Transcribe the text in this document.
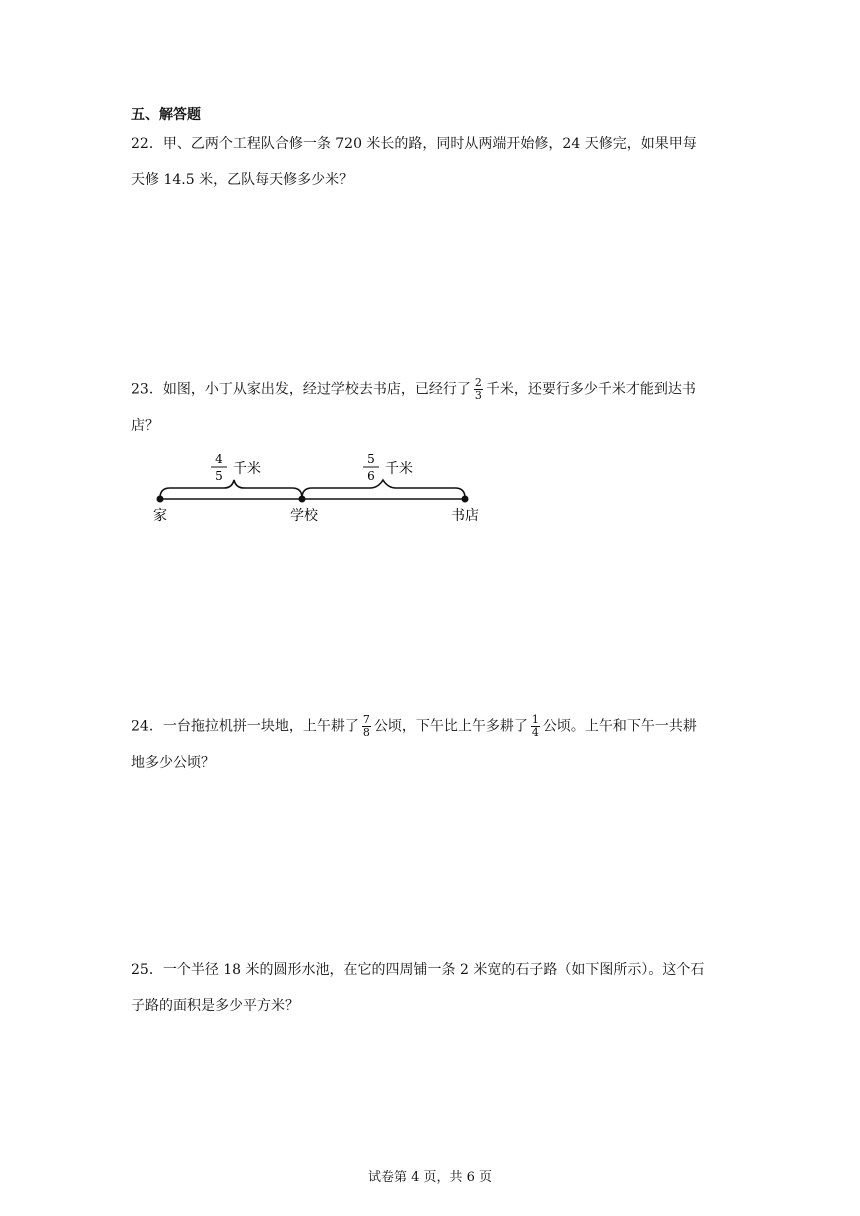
五、解答题
22．甲、乙两个工程队合修一条 720 米长的路，同时从两端开始修，24 天修完，如果甲每
天修 14.5 米，乙队每天修多少米？
23．如图，小丁从家出发，经过学校去书店，已经行了 $\frac{2}{3}$ 千米，还要行多少千米才能到达书
店？
4
5 千米
5
6 千米
家	学校	书店
24．一台拖拉机拼一块地，上午耕了 $\frac{7}{8}$ 公顷，下午比上午多耕了 $\frac{1}{4}$ 公顷。上午和下午一共耕
地多少公顷？
25．一个半径 18 米的圆形水池，在它的四周铺一条 2 米宽的石子路（如下图所示）。这个石
子路的面积是多少平方米？
试卷第 4 页，共 6 页
